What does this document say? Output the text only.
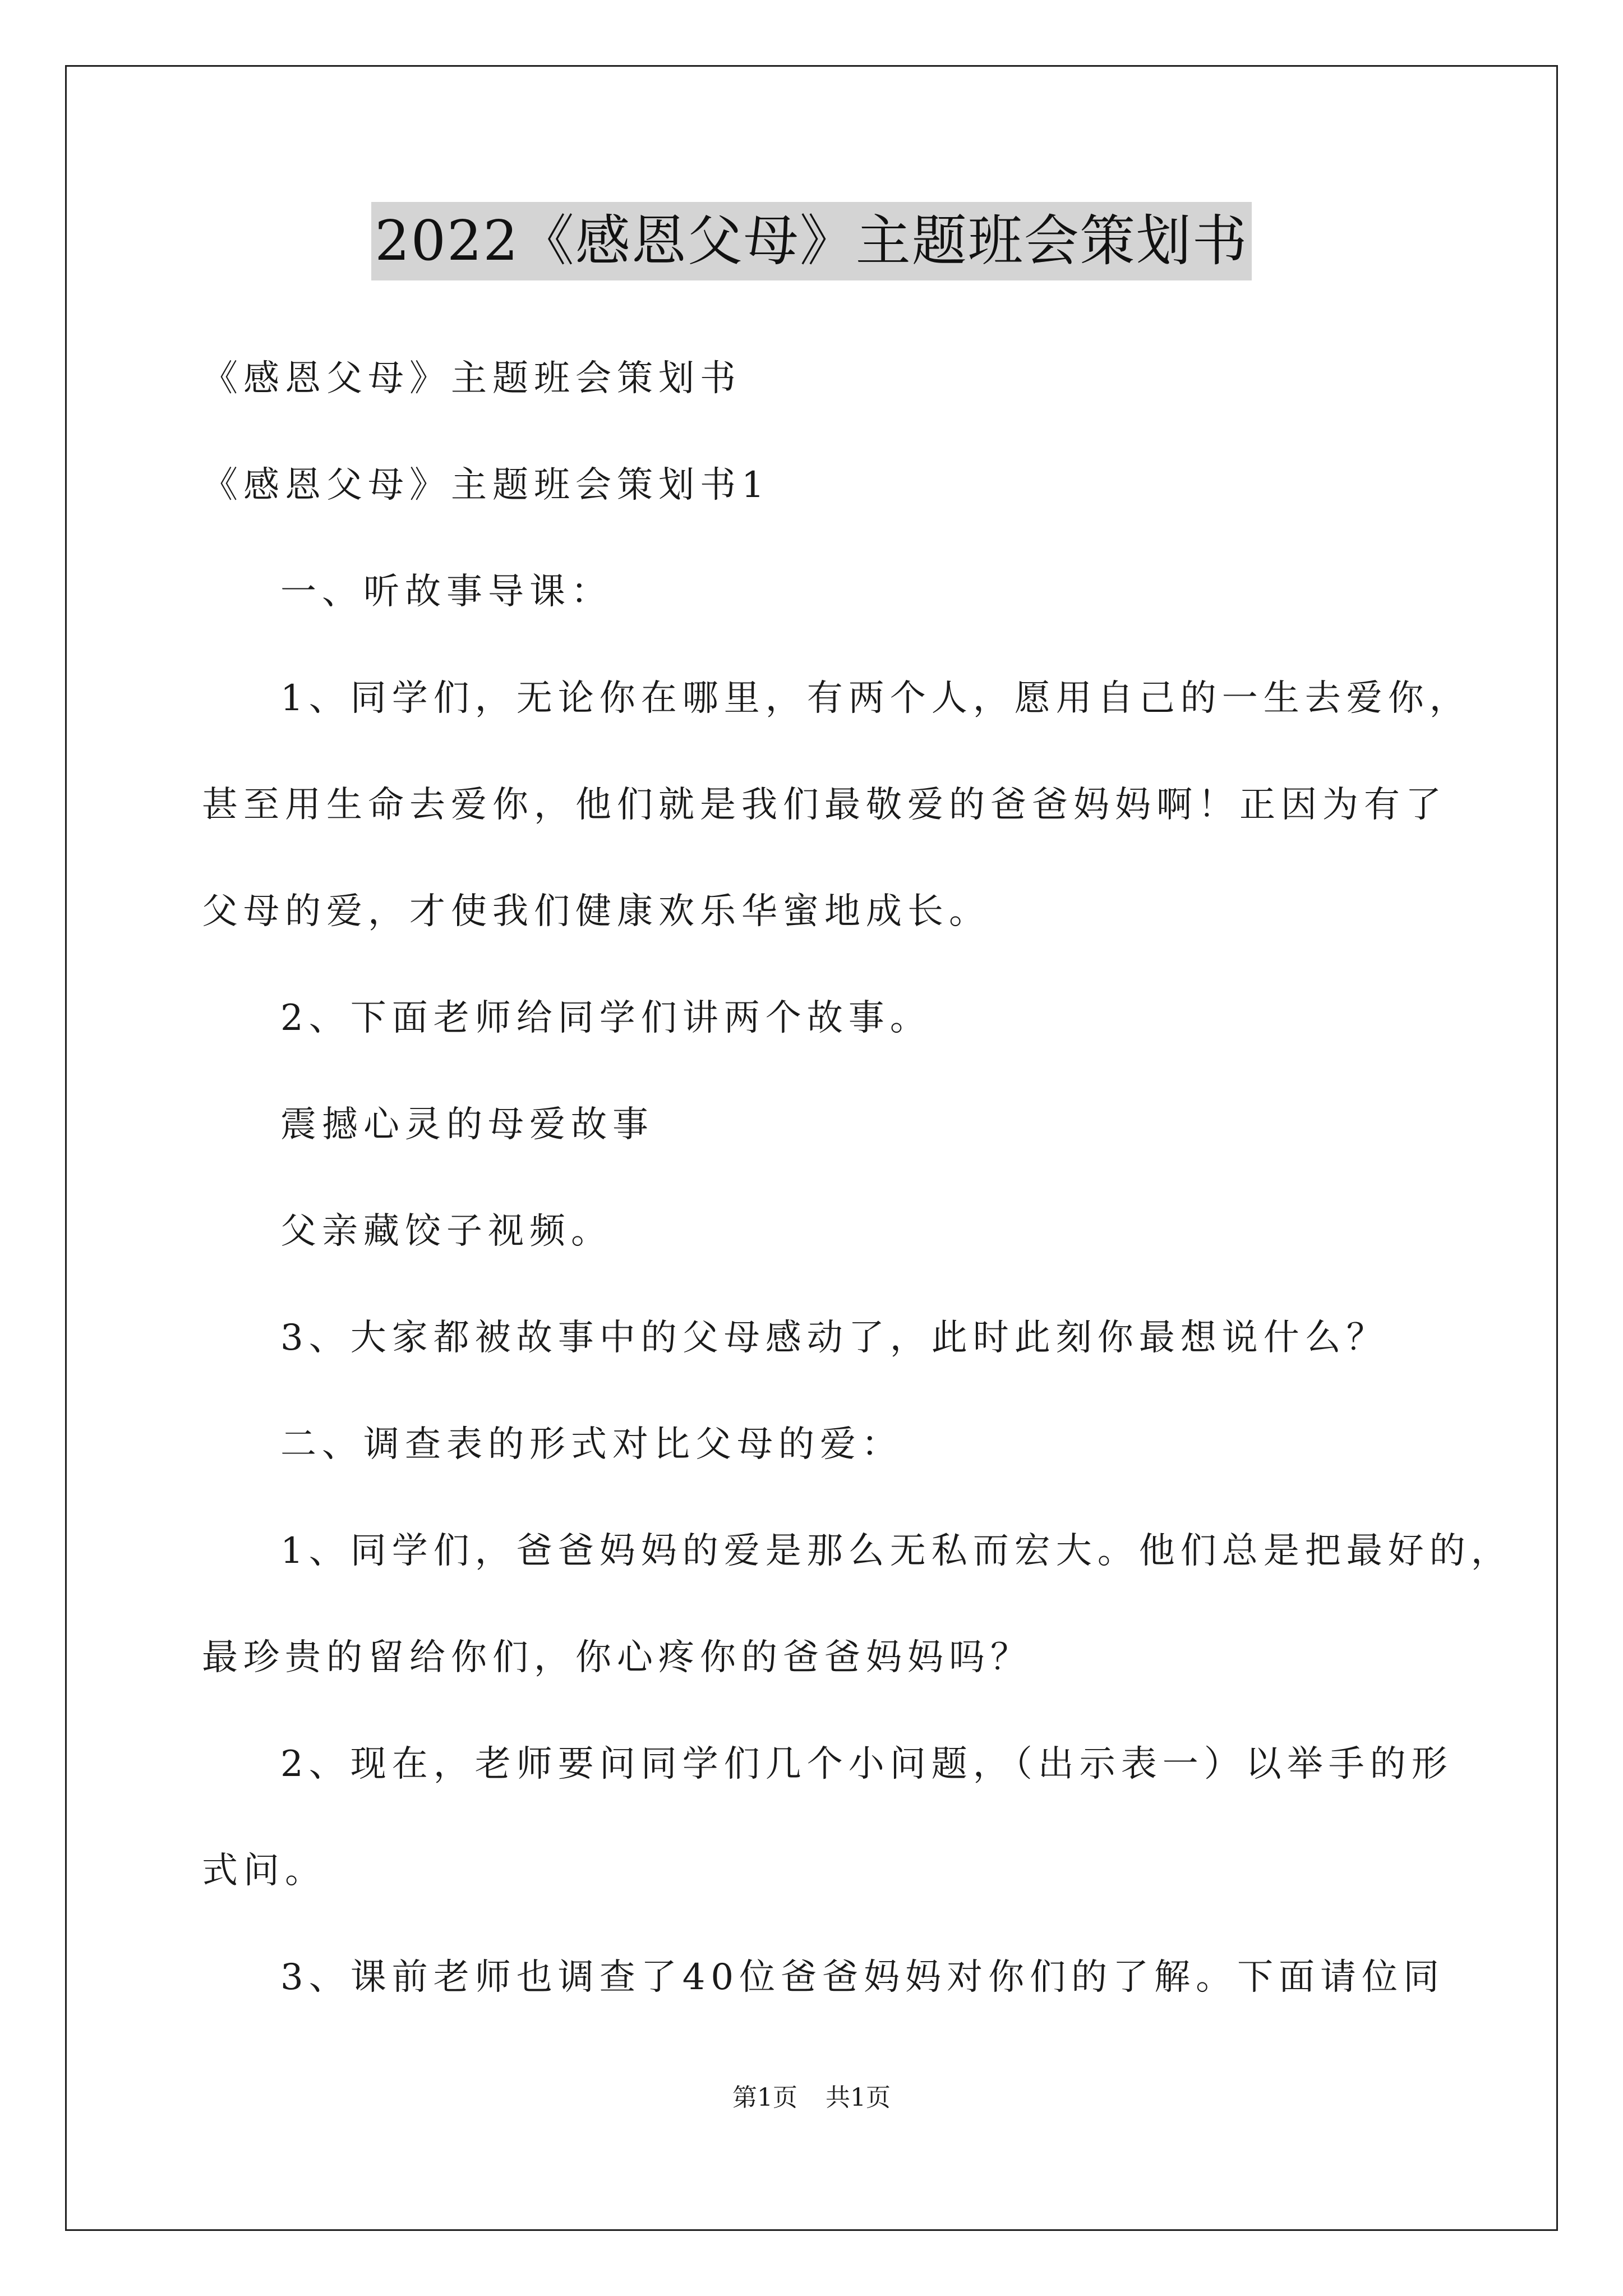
2022《感恩父母》主题班会策划书
《感恩父母》主题班会策划书
《感恩父母》主题班会策划书1
一、听故事导课：
1、同学们，无论你在哪里，有两个人，愿用自己的一生去爱你，
甚至用生命去爱你，他们就是我们最敬爱的爸爸妈妈啊！正因为有了
父母的爱，才使我们健康欢乐华蜜地成长。
2、下面老师给同学们讲两个故事。
震撼心灵的母爱故事
父亲藏饺子视频。
3、大家都被故事中的父母感动了，此时此刻你最想说什么？
二、调查表的形式对比父母的爱：
1、同学们，爸爸妈妈的爱是那么无私而宏大。他们总是把最好的，
最珍贵的留给你们，你心疼你的爸爸妈妈吗？
2、现在，老师要问同学们几个小问题，（出示表一）以举手的形
式问。
3、课前老师也调查了40位爸爸妈妈对你们的了解。下面请位同
第1页 共1页
